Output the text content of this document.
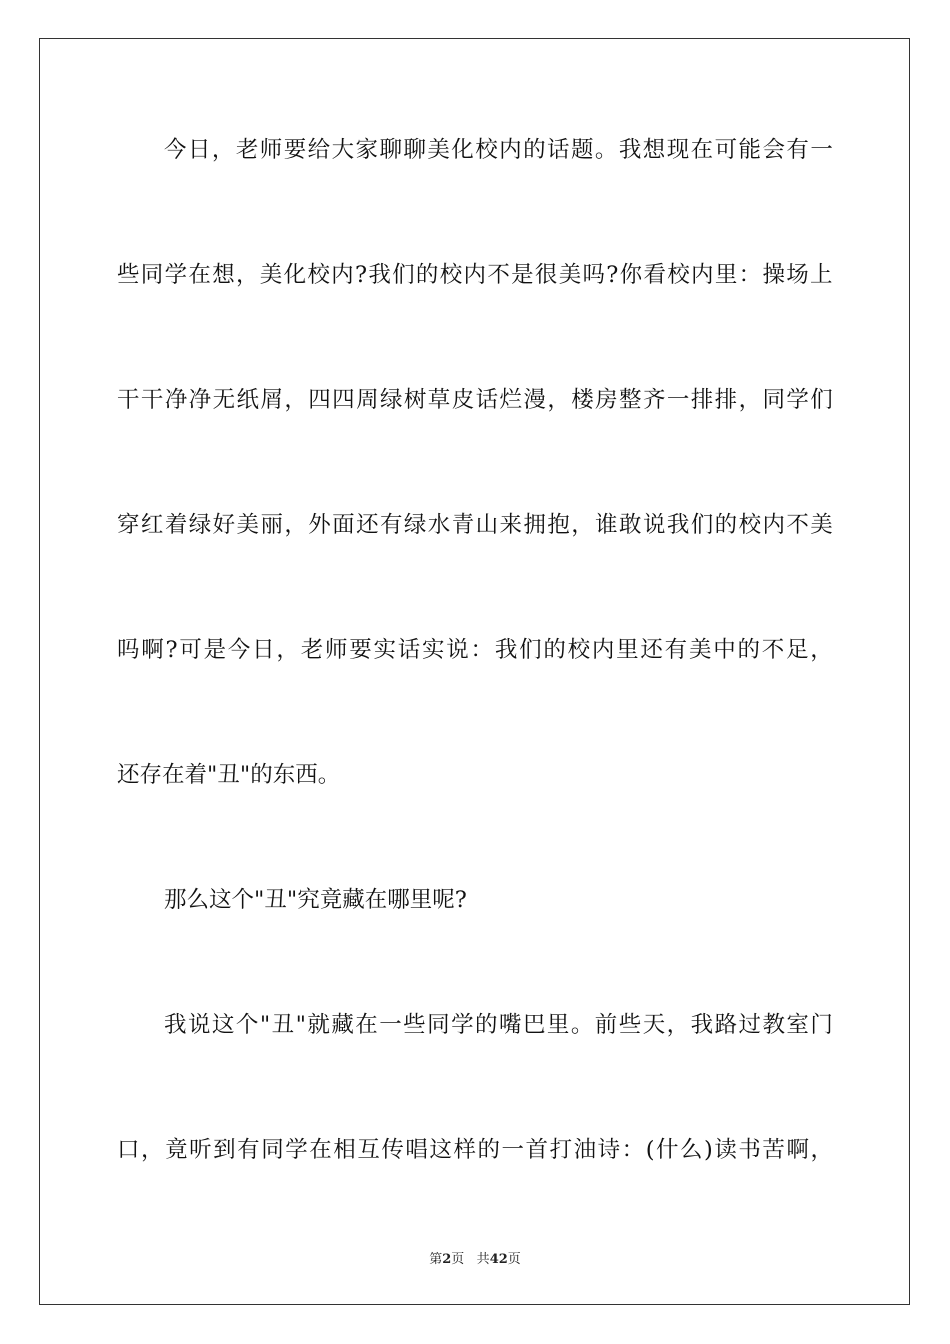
今 日 ， 老 师 要 给 大 家 聊 聊 美 化 校 内 的 话 题 。 我 想 现 在 可 能 会 有 一
些 同 学 在 想 ， 美 化 校 内 ? 我 们 的 校 内 不 是 很 美 吗 ? 你 看 校 内 里 ： 操 场 上
干 干 净 净 无 纸 屑 ， 四 四 周 绿 树 草 皮 话 烂 漫 ， 楼 房 整 齐 一 排 排 ， 同 学 们
穿 红 着 绿 好 美 丽 ， 外 面 还 有 绿 水 青 山 来 拥 抱 ， 谁 敢 说 我 们 的 校 内 不 美
吗 啊 ? 可 是 今 日 ， 老 师 要 实 话 实 说 ： 我 们 的 校 内 里 还 有 美 中 的 不 足 ，
还存在着"丑"的东西。
那么这个"丑"究竟藏在哪里呢?
我 说 这 个 " 丑 " 就 藏 在 一 些 同 学 的 嘴 巴 里 。 前 些 天 ， 我 路 过 教 室 门
口 ， 竟 听 到 有 同 学 在 相 互 传 唱 这 样 的 一 首 打 油 诗 ： ( 什 么 ) 读 书 苦 啊 ，
第2页 共42页
